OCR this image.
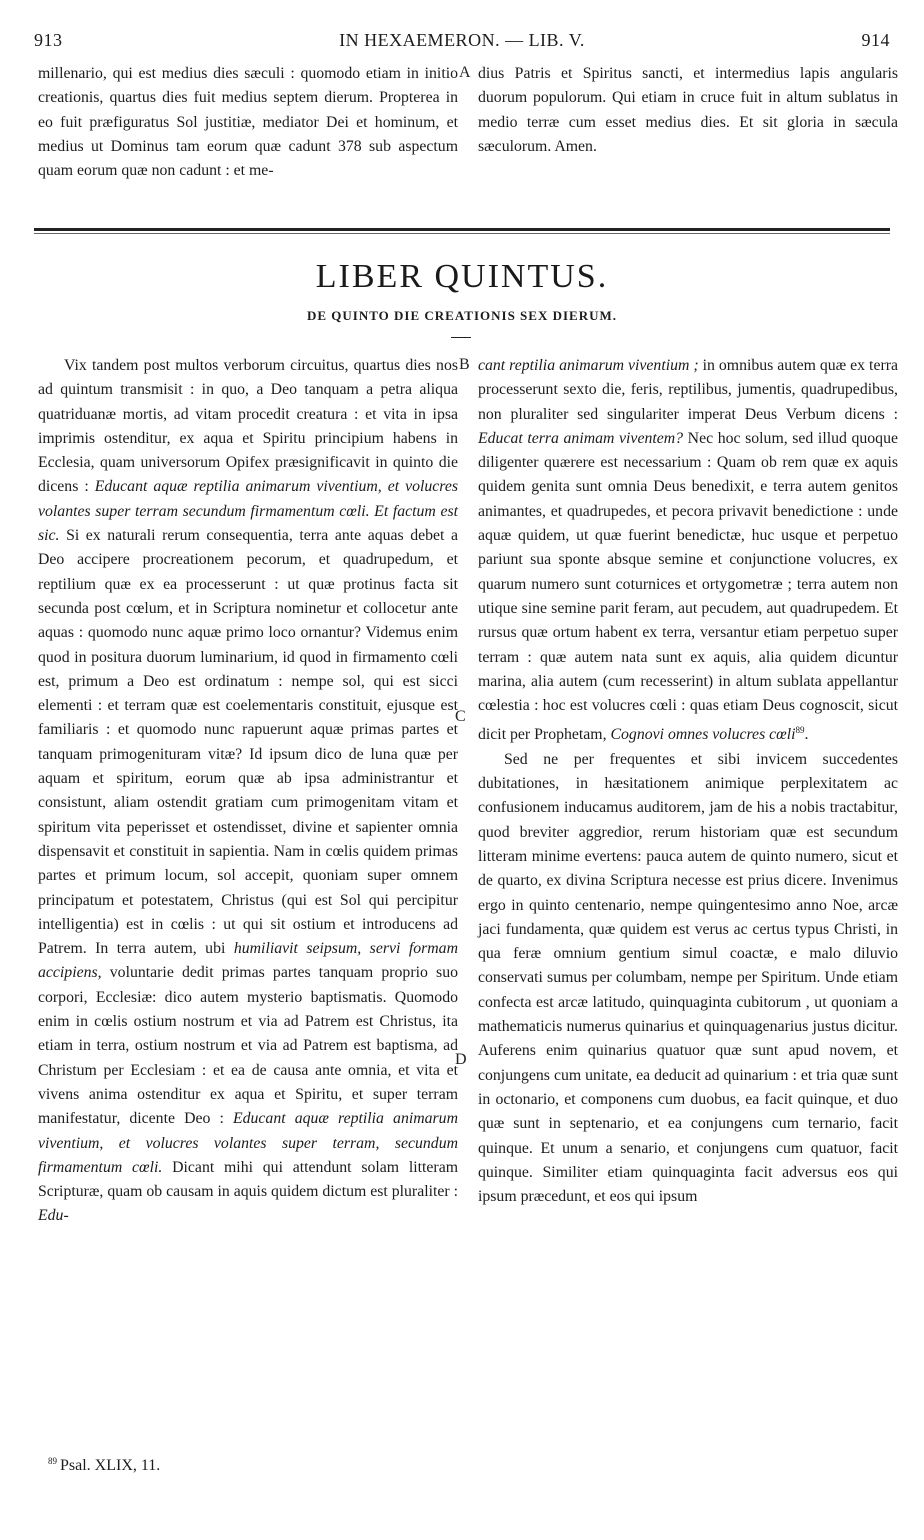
913	IN HEXAEMERON. — LIB. V.	914

millenario, qui est medius dies sæculi : quomodo etiam in initio creationis, quartus dies fuit medius septem dierum. Propterea in eo fuit præfiguratus Sol justitiæ, mediator Dei et hominum, et medius ut Dominus tam eorum quæ cadunt 378 sub aspectum quam eorum quæ non cadunt : et me-

A dius Patris et Spiritus sancti, et intermedius lapis angularis duorum populorum. Qui etiam in cruce fuit in altum sublatus in medio terræ cum esset medius dies. Et sit gloria in sæcula sæculorum. Amen.

LIBER QUINTUS.
DE QUINTO DIE CREATIONIS SEX DIERUM.

Vix tandem post multos verborum circuitus, quartus dies nos ad quintum transmisit : in quo, a Deo tanquam a petra aliqua quatriduanæ mortis, ad vitam procedit creatura : et vita in ipsa imprimis ostenditur, ex aqua et Spiritu principium habens in Ecclesia, quam universorum Opifex præsignificavit in quinto die dicens : Educant aquæ reptilia animarum viventium, et volucres volantes super terram secundum firmamentum cœli. Et factum est sic. Si ex naturali rerum consequentia, terra ante aquas debet a Deo accipere procreationem pecorum, et quadrupedum, et reptilium quæ ex ea processerunt : ut quæ protinus facta sit secunda post cœlum, et in Scriptura nominetur et collocetur ante aquas : quomodo nunc aquæ primo loco ornantur? Videmus enim quod in positura duorum luminarium, id quod in firmamento cœli est, primum a Deo est ordinatum : nempe sol, qui est sicci elementi : et terram quæ est coelementaris constituit, ejusque est familiaris : et quomodo nunc rapuerunt aquæ primas partes et tanquam primogenituram vitæ? Id ipsum dico de luna quæ per aquam et spiritum, eorum quæ ab ipsa administrantur et consistunt, aliam ostendit gratiam cum primogenitam vitam et spiritum vita peperisset et ostendisset, divine et sapienter omnia dispensavit et constituit in sapientia. Nam in cœlis quidem primas partes et primum locum, sol accepit, quoniam super omnem principatum et potestatem, Christus (qui est Sol qui percipitur intelligentia) est in cœlis : ut qui sit ostium et introducens ad Patrem. In terra autem, ubi humiliavit seipsum, servi formam accipiens, voluntarie dedit primas partes tanquam proprio suo corpori, Ecclesiæ: dico autem mysterio baptismatis. Quomodo enim in cœlis ostium nostrum et via ad Patrem est Christus, ita etiam in terra, ostium nostrum et via ad Patrem est baptisma, ad Christum per Ecclesiam : et ea de causa ante omnia, et vita et vivens anima ostenditur ex aqua et Spiritu, et super terram manifestatur, dicente Deo : Educant aquæ reptilia animarum viventium, et volucres volantes super terram, secundum firmamentum cœli. Dicant mihi qui attendunt solam litteram Scripturæ, quam ob causam in aquis quidem dictum est pluraliter : Edu-

B
C
D

cant reptilia animarum viventium ; in omnibus autem quæ ex terra processerunt sexto die, feris, reptilibus, jumentis, quadrupedibus, non pluraliter sed singulariter imperat Deus Verbum dicens : Educat terra animam viventem? Nec hoc solum, sed illud quoque diligenter quærere est necessarium : Quam ob rem quæ ex aquis quidem genita sunt omnia Deus benedixit, e terra autem genitos animantes, et quadrupedes, et pecora privavit benedictione : unde aquæ quidem, ut quæ fuerint benedictæ, huc usque et perpetuo pariunt sua sponte absque semine et conjunctione volucres, ex quarum numero sunt coturnices et ortygometræ ; terra autem non utique sine semine parit feram, aut pecudem, aut quadrupedem. Et rursus quæ ortum habent ex terra, versantur etiam perpetuo super terram : quæ autem nata sunt ex aquis, alia quidem dicuntur marina, alia autem (cum recesserint) in altum sublata appellantur cœlestia : hoc est volucres cœli : quas etiam Deus cognoscit, sicut dicit per Prophetam, Cognovi omnes volucres cœli$^{89}$.

Sed ne per frequentes et sibi invicem succedentes dubitationes, in hæsitationem animique perplexitatem ac confusionem inducamus auditorem, jam de his a nobis tractabitur, quod breviter aggredior, rerum historiam quæ est secundum litteram minime evertens: pauca autem de quinto numero, sicut et de quarto, ex divina Scriptura necesse est prius dicere. Invenimus ergo in quinto centenario, nempe quingentesimo anno Noe, arcæ jaci fundamenta, quæ quidem est verus ac certus typus Christi, in qua feræ omnium gentium simul coactæ, e malo diluvio conservati sumus per columbam, nempe per Spiritum. Unde etiam confecta est arcæ latitudo, quinquaginta cubitorum , ut quoniam a mathematicis numerus quinarius et quinquagenarius justus dicitur. Auferens enim quinarius quatuor quæ sunt apud novem, et conjungens cum unitate, ea deducit ad quinarium : et tria quæ sunt in octonario, et componens cum duobus, ea facit quinque, et duo quæ sunt in septenario, et ea conjungens cum ternario, facit quinque. Et unum a senario, et conjungens cum quatuor, facit quinque. Similiter etiam quinquaginta facit adversus eos qui ipsum præcedunt, et eos qui ipsum

$^{89}$ Psal. XLIX, 11.
